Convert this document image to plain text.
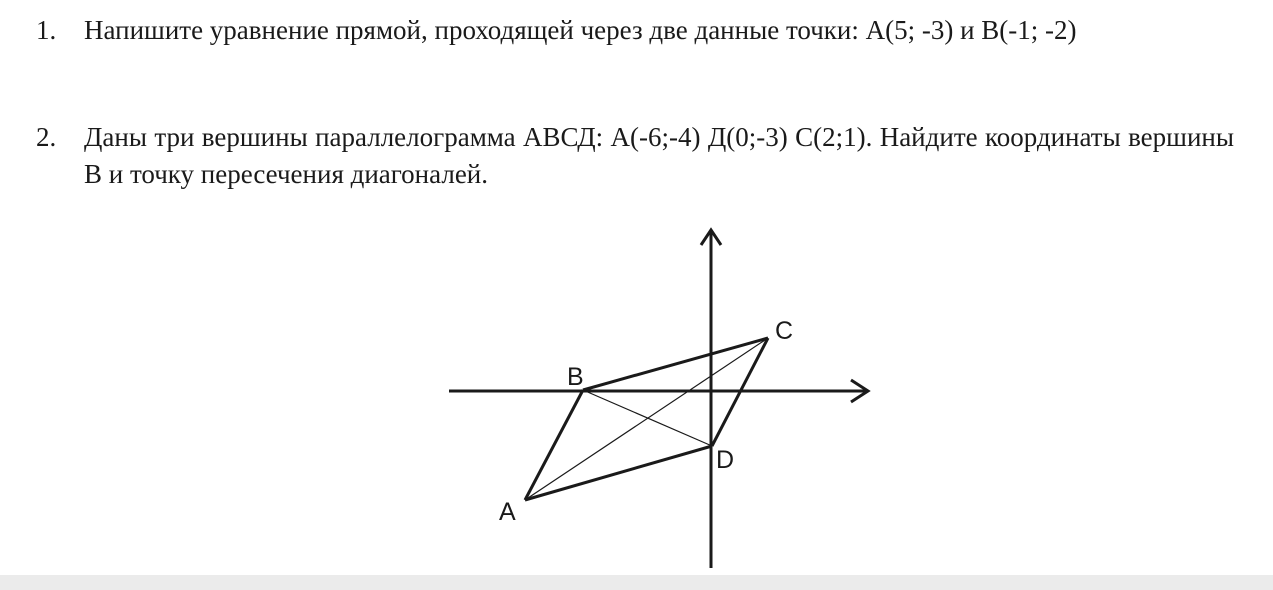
1. Напишите уравнение прямой, проходящей через две данные точки: А(5; -3) и В(-1; -2)
2. Даны три вершины параллелограмма АВСД: А(-6;-4) Д(0;-3) С(2;1). Найдите координаты вершины В и точку пересечения диагоналей.
A
B
C
D
